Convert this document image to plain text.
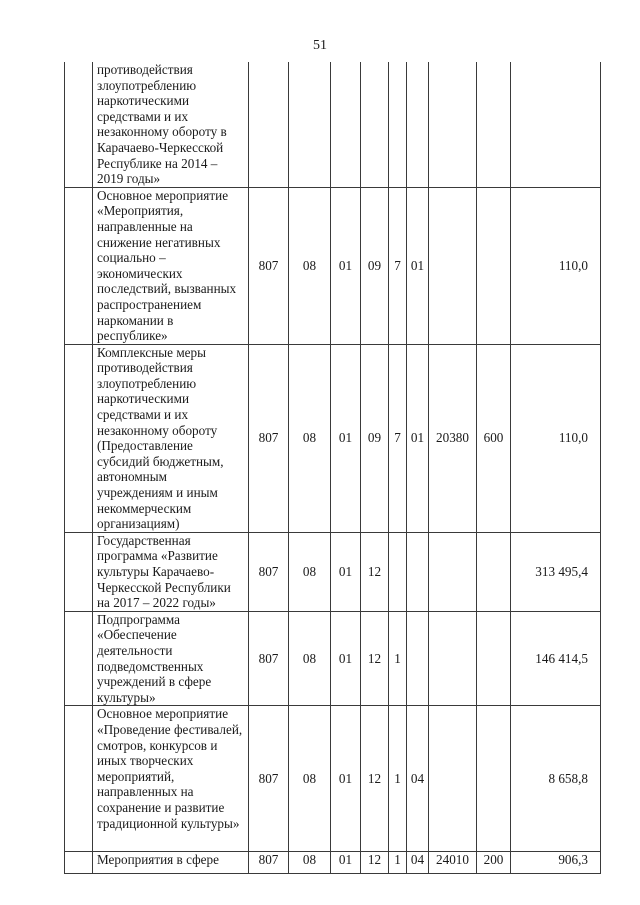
51
	противодействия злоупотреблению наркотическими средствами и их незаконному обороту в Карачаево-Черкесской Республике на 2014 – 2019 годы»									
	Основное мероприятие «Мероприятия, направленные на снижение негативных социально – экономических последствий, вызванных распространением наркомании в республике»	807	08	01	09	7	01			110,0
	Комплексные меры противодействия злоупотреблению наркотическими средствами и их незаконному обороту (Предоставление субсидий бюджетным, автономным учреждениям и иным некоммерческим организациям)	807	08	01	09	7	01	20380	600	110,0
	Государственная программа «Развитие культуры Карачаево-Черкесской Республики на 2017 – 2022 годы»	807	08	01	12					313 495,4
	Подпрограмма «Обеспечение деятельности подведомственных учреждений в сфере культуры»	807	08	01	12	1				146 414,5
	Основное мероприятие «Проведение фестивалей, смотров, конкурсов и иных творческих мероприятий, направленных на сохранение и развитие традиционной культуры»	807	08	01	12	1	04			8 658,8
	Мероприятия в сфере	807	08	01	12	1	04	24010	200	906,3
